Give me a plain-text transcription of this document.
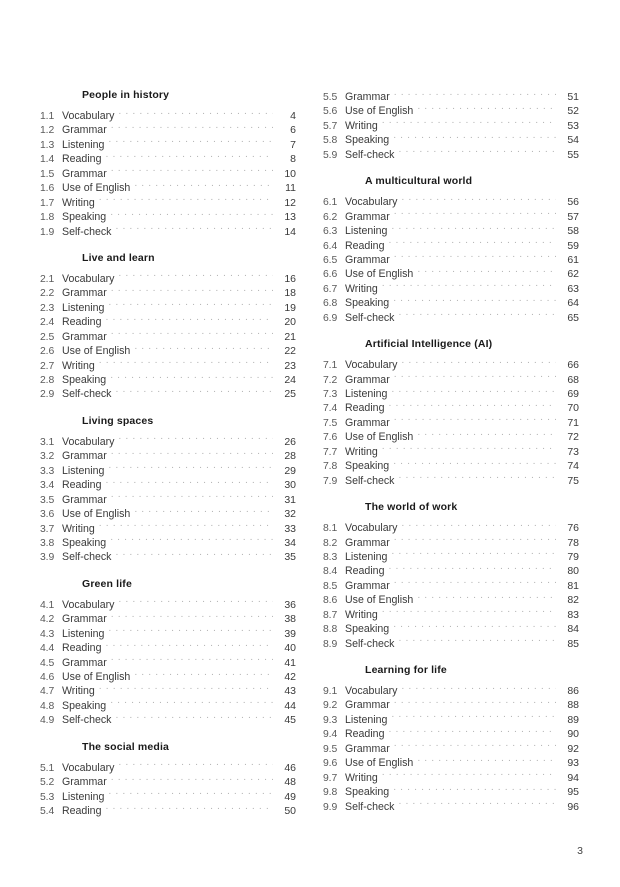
People in history
1.1 Vocabulary . . .	4
1.2 Grammar . . .	6
1.3 Listening . . .	7
1.4 Reading . . .	8
1.5 Grammar . . .	10
1.6 Use of English . . .	11
1.7 Writing . . .	12
1.8 Speaking . . .	13
1.9 Self-check . . .	14
Live and learn
2.1 Vocabulary . . .	16
2.2 Grammar . . .	18
2.3 Listening . . .	19
2.4 Reading . . .	20
2.5 Grammar . . .	21
2.6 Use of English . . .	22
2.7 Writing . . .	23
2.8 Speaking . . .	24
2.9 Self-check . . .	25
Living spaces
3.1 Vocabulary . . .	26
3.2 Grammar . . .	28
3.3 Listening . . .	29
3.4 Reading . . .	30
3.5 Grammar . . .	31
3.6 Use of English . . .	32
3.7 Writing . . .	33
3.8 Speaking . . .	34
3.9 Self-check . . .	35
Green life
4.1 Vocabulary . . .	36
4.2 Grammar . . .	38
4.3 Listening . . .	39
4.4 Reading . . .	40
4.5 Grammar . . .	41
4.6 Use of English . . .	42
4.7 Writing . . .	43
4.8 Speaking . . .	44
4.9 Self-check . . .	45
The social media
5.1 Vocabulary . . .	46
5.2 Grammar . . .	48
5.3 Listening . . .	49
5.4 Reading . . .	50
5.5 Grammar . . .	51
5.6 Use of English . . .	52
5.7 Writing . . .	53
5.8 Speaking . . .	54
5.9 Self-check . . .	55
A multicultural world
6.1 Vocabulary . . .	56
6.2 Grammar . . .	57
6.3 Listening . . .	58
6.4 Reading . . .	59
6.5 Grammar . . .	61
6.6 Use of English . . .	62
6.7 Writing . . .	63
6.8 Speaking . . .	64
6.9 Self-check . . .	65
Artificial Intelligence (AI)
7.1 Vocabulary . . .	66
7.2 Grammar . . .	68
7.3 Listening . . .	69
7.4 Reading . . .	70
7.5 Grammar . . .	71
7.6 Use of English . . .	72
7.7 Writing . . .	73
7.8 Speaking . . .	74
7.9 Self-check . . .	75
The world of work
8.1 Vocabulary . . .	76
8.2 Grammar . . .	78
8.3 Listening . . .	79
8.4 Reading . . .	80
8.5 Grammar . . .	81
8.6 Use of English . . .	82
8.7 Writing . . .	83
8.8 Speaking . . .	84
8.9 Self-check . . .	85
Learning for life
9.1 Vocabulary . . .	86
9.2 Grammar . . .	88
9.3 Listening . . .	89
9.4 Reading . . .	90
9.5 Grammar . . .	92
9.6 Use of English . . .	93
9.7 Writing . . .	94
9.8 Speaking . . .	95
9.9 Self-check . . .	96
3
